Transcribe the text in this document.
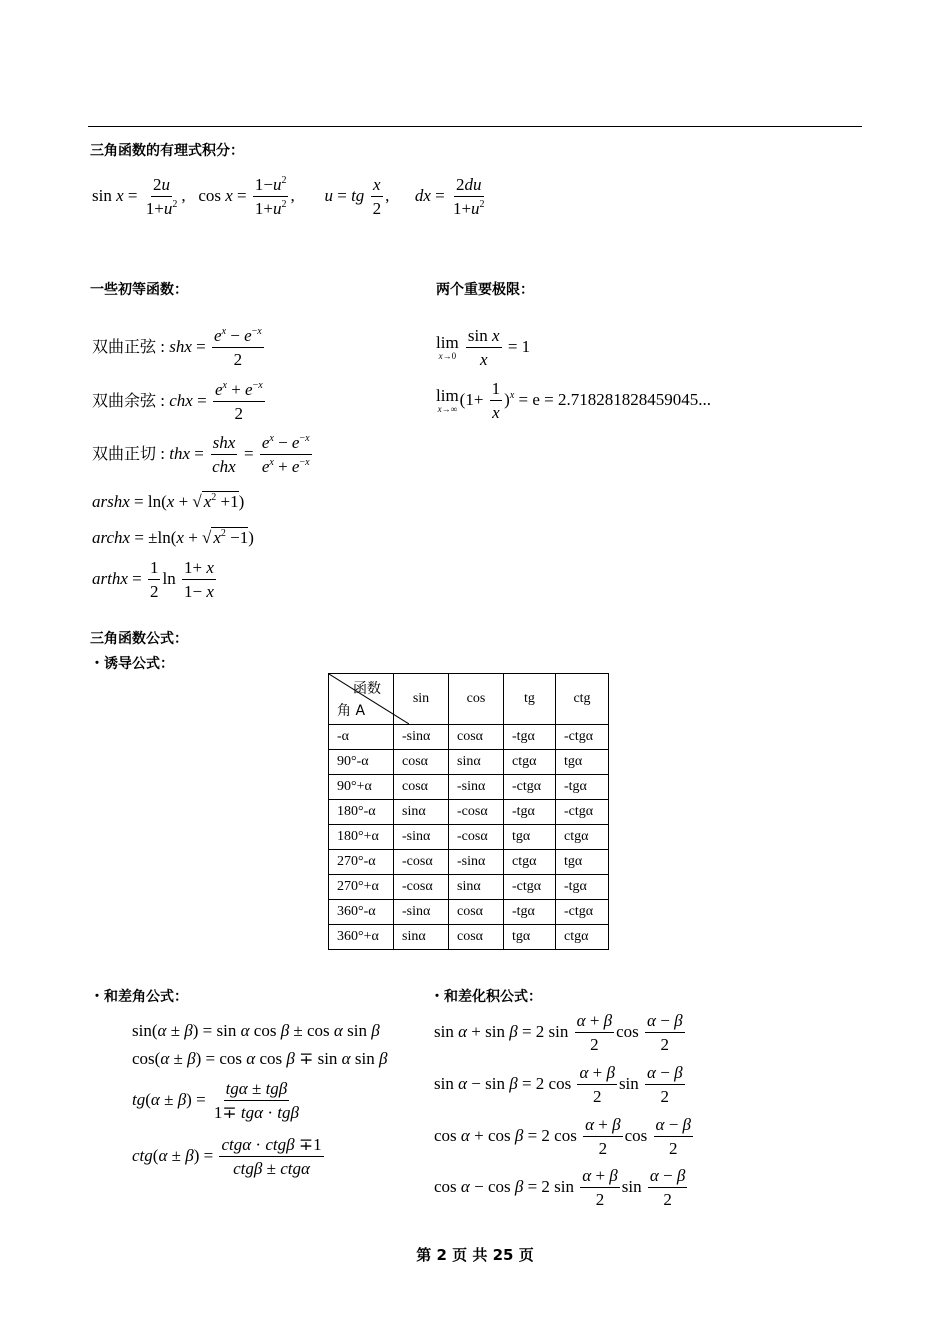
三角函数的有理式积分：
$\sin x = \frac{2u}{1+u^2}$ ,   $\cos x = \frac{1-u^2}{1+u^2}$ ,       u = tg $\frac{x}{2}$ ,      dx = $\frac{2du}{1+u^2}$
一些初等函数：	两个重要极限：
双曲正弦 : shx = $\frac{e^x - e^{-x}}{2}$
双曲余弦 : chx = $\frac{e^x + e^{-x}}{2}$
双曲正切 : thx = $\frac{\text{shx}}{\text{chx}} = \frac{e^x - e^{-x}}{e^x + e^{-x}}$
arshx = ln(x + √ $x^2 +1$)
archx = ±ln(x + √ $x^2 -1$)
arthx = $\frac{1}{2}$ $\ln \frac{1+ x}{1- x}$
lim
x→0
$\frac{\text{sin x}}{x} = 1$
lim
x→∞
$(1+ \frac{1}{x} )^x = e = 2.718281828459045$...
三角函数公式：
・诱导公式：
函数
角 A	sin	cos	tg	ctg
-α	-sinα	cosα	-tgα	-ctgα
90°-α	cosα	sinα	ctgα	tgα
90°+α	cosα	-sinα	-ctgα	-tgα
180°-α	sinα	-cosα	-tgα	-ctgα
180°+α	-sinα	-cosα	tgα	ctgα
270°-α	-cosα	-sinα	ctgα	tgα
270°+α	-cosα	sinα	-ctgα	-tgα
360°-α	-sinα	cosα	-tgα	-ctgα
360°+α	sinα	cosα	tgα	ctgα
・和差角公式：	・和差化积公式：
sin(α ± β) = sin α cos β ± cos α sin β
cos(α ± β) = cos α cos β ∓ sin α sin β
$tg(\alpha \pm \beta) = \frac{\text{tgα ± tgβ}}{\text{1∓ tgα · tgβ}}$
$ctg(\alpha \pm \beta) = \frac{\text{ctgα · ctgβ ∓1}}{\text{ctgβ ± ctgα}}$
sin α + sin β = 2 $\sin \frac{\alpha + \beta}{2}$ $\cos \frac{\alpha - \beta}{2}$
sin α − sin β = 2 $\cos \frac{\alpha + \beta}{2}$ $\sin \frac{\alpha - \beta}{2}$
cos α + cos β = 2 $\cos \frac{\alpha + \beta}{2}$ $\cos \frac{\alpha - \beta}{2}$
cos α − cos β = 2 $\sin \frac{\alpha + \beta}{2}$ $\sin \frac{\alpha - \beta}{2}$
第 2 页 共 25 页
